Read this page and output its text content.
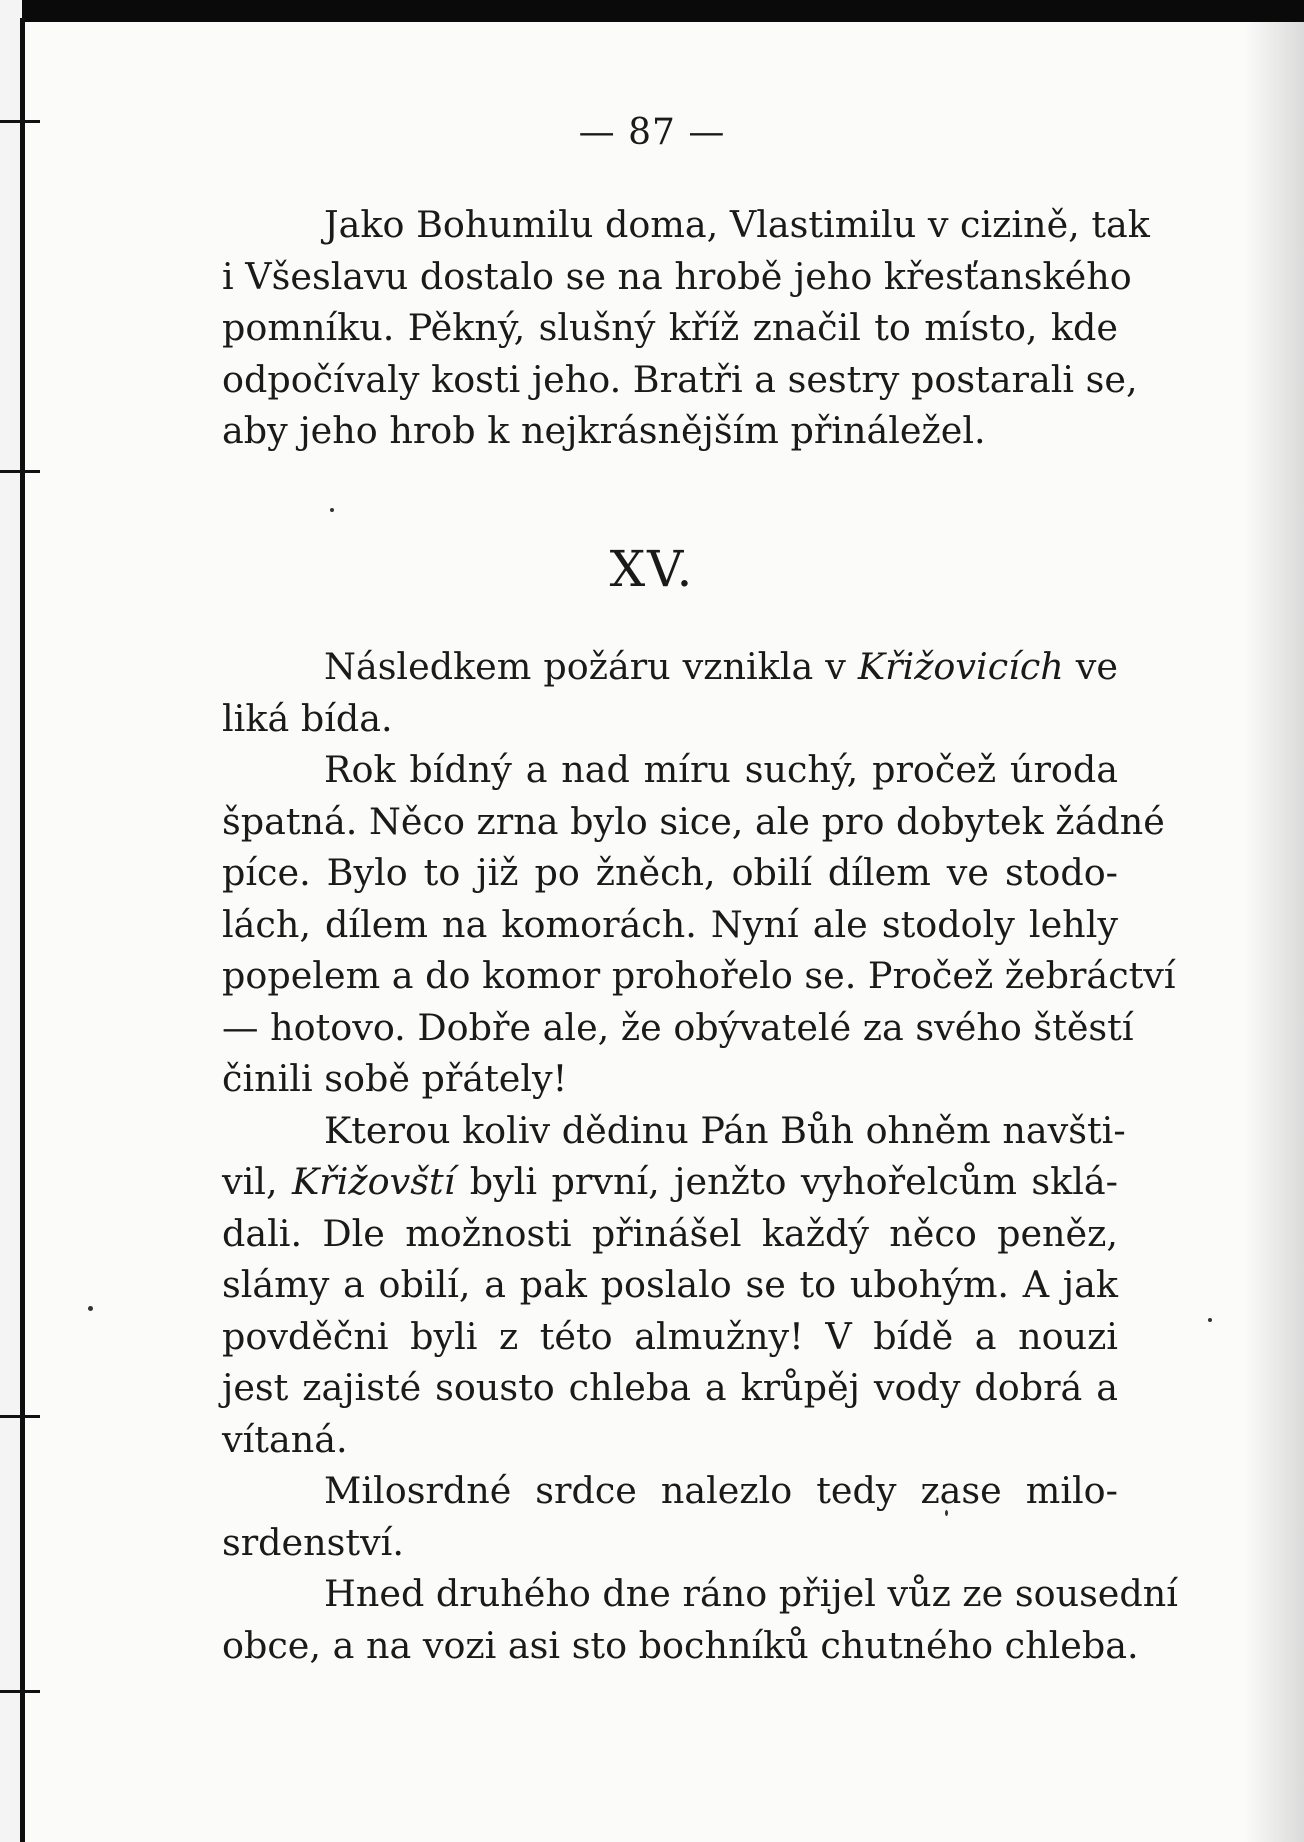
— 87 —

Jako Bohumilu doma, Vlastimilu v cizině, tak
i Všeslavu dostalo se na hrobě jeho křesťanského
pomníku. Pěkný, slušný kříž značil to místo, kde
odpočívaly kosti jeho. Bratři a sestry postarali se,
aby jeho hrob k nejkrásnějším přináležel.

XV.

Následkem požáru vznikla v Křižovicích ve
liká bída.

Rok bídný a nad míru suchý, pročež úroda
špatná. Něco zrna bylo sice, ale pro dobytek žádné
píce. Bylo to již po žněch, obilí dílem ve stodo-
lách, dílem na komorách. Nyní ale stodoly lehly
popelem a do komor prohořelo se. Pročež žebráctví
— hotovo. Dobře ale, že obývatelé za svého štěstí
činili sobě přátely!

Kterou koliv dědinu Pán Bůh ohněm navšti-
vil, Křižovští byli první, jenžto vyhořelcům sklá-
dali. Dle možnosti přinášel každý něco peněz,
slámy a obilí, a pak poslalo se to ubohým. A jak
povděčni byli z této almužny! V bídě a nouzi
jest zajisté sousto chleba a krůpěj vody dobrá a
vítaná.

Milosrdné srdce nalezlo tedy zase milo-
srdenství.

Hned druhého dne ráno přijel vůz ze sousední
obce, a na vozi asi sto bochníků chutného chleba.
